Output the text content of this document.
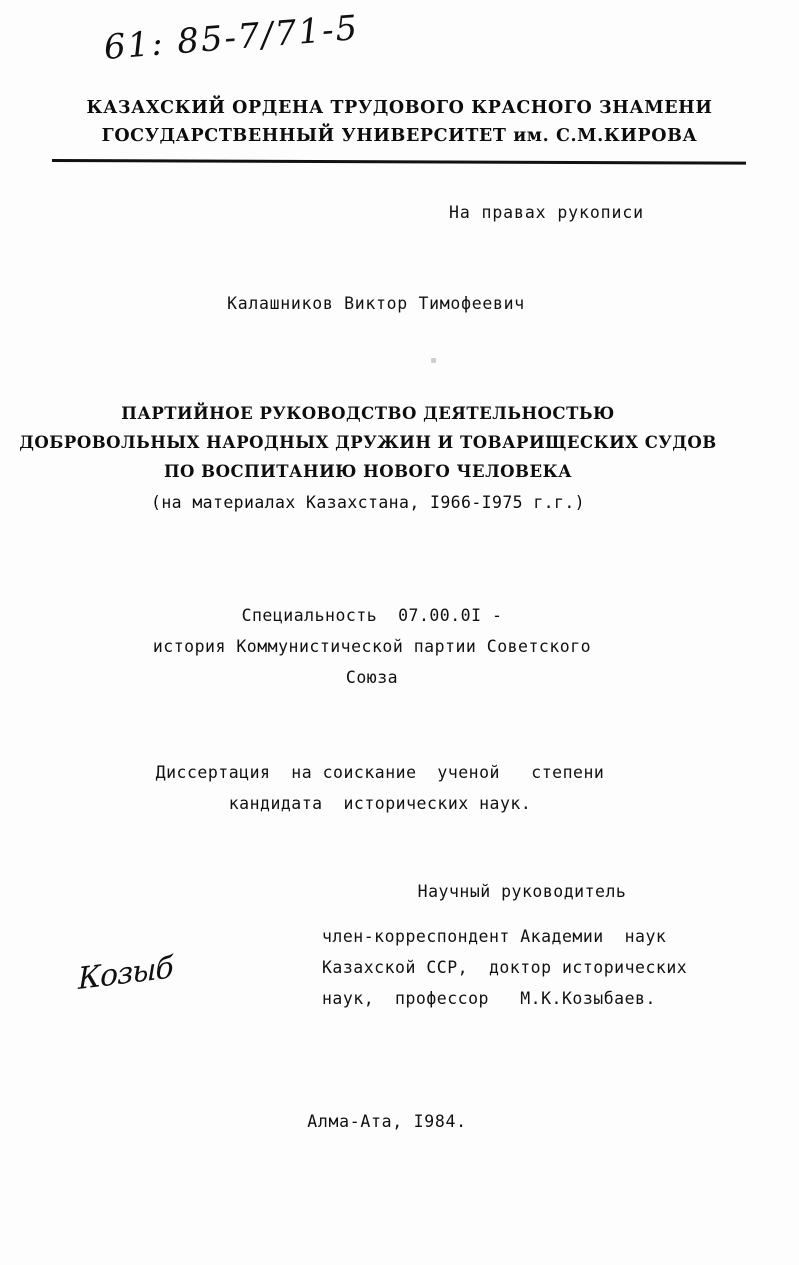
61: 85-7/71-5
КАЗАХСКИЙ ОРДЕНА ТРУДОВОГО КРАСНОГО ЗНАМЕНИ
ГОСУДАРСТВЕННЫЙ УНИВЕРСИТЕТ им. С.М.КИРОВА
На правах рукописи
Калашников Виктор Тимофеевич
ПАРТИЙНОЕ РУКОВОДСТВО ДЕЯТЕЛЬНОСТЬЮ
ДОБРОВОЛЬНЫХ НАРОДНЫХ ДРУЖИН И ТОВАРИЩЕСКИХ СУДОВ
ПО ВОСПИТАНИЮ НОВОГО ЧЕЛОВЕКА
(на материалах Казахстана, I966-I975 г.г.)
Специальность  07.00.0I -
история Коммунистической партии Советского
Союза
Диссертация  на соискание  ученой   степени
кандидата  исторических наук.
Научный руководитель
член-корреспондент Академии  наук
Казахской ССР,  доктор исторических
наук,  профессор   М.К.Козыбаев.
Козыб
Алма-Ата, I984.
